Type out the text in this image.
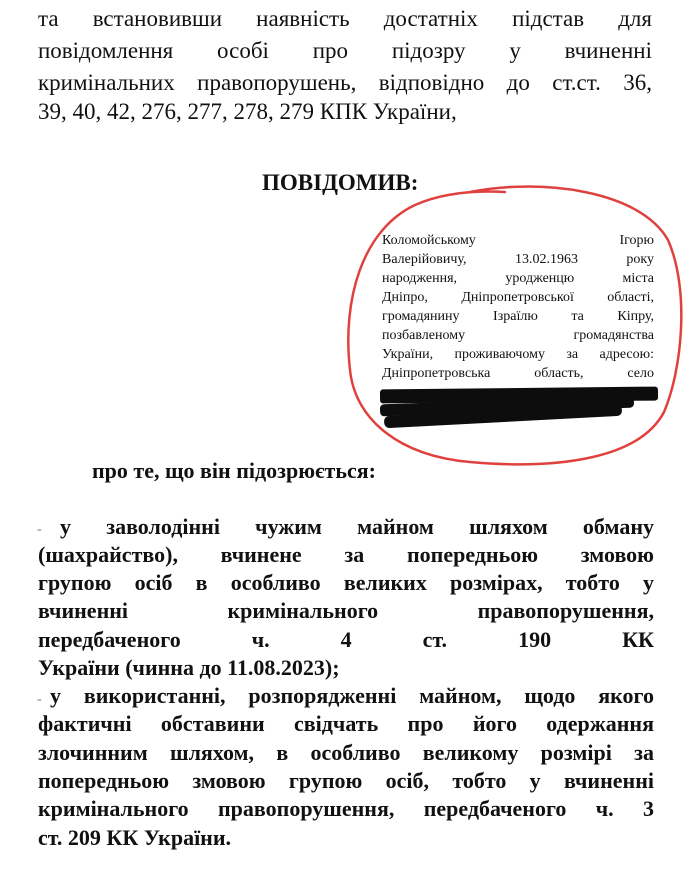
та встановивши наявність достатніх підстав для
повідомлення особі про підозру у вчиненні
кримінальних правопорушень, відповідно до ст.ст. 36,
39, 40, 42, 276, 277, 278, 279 КПК України,
ПОВІДОМИВ:
Коломойському Ігорю
Валерійовичу, 13.02.1963 року
народження, уродженцю міста
Дніпро, Дніпропетровської області,
громадянину Ізраїлю та Кіпру,
позбавленому громадянства
України, проживаючому за адресою:
Дніпропетровська область, село
про те, що він підозрюється:
- у заволодінні чужим майном шляхом обману
(шахрайство), вчинене за попередньою змовою
групою осіб в особливо великих розмірах, тобто у
вчиненні кримінального правопорушення,
передбаченого ч. 4 ст. 190 КК
України (чинна до 11.08.2023);
- у використанні, розпорядженні майном, щодо якого
фактичні обставини свідчать про його одержання
злочинним шляхом, в особливо великому розмірі за
попередньою змовою групою осіб, тобто у вчиненні
кримінального правопорушення, передбаченого ч. 3
ст. 209 КК України.
